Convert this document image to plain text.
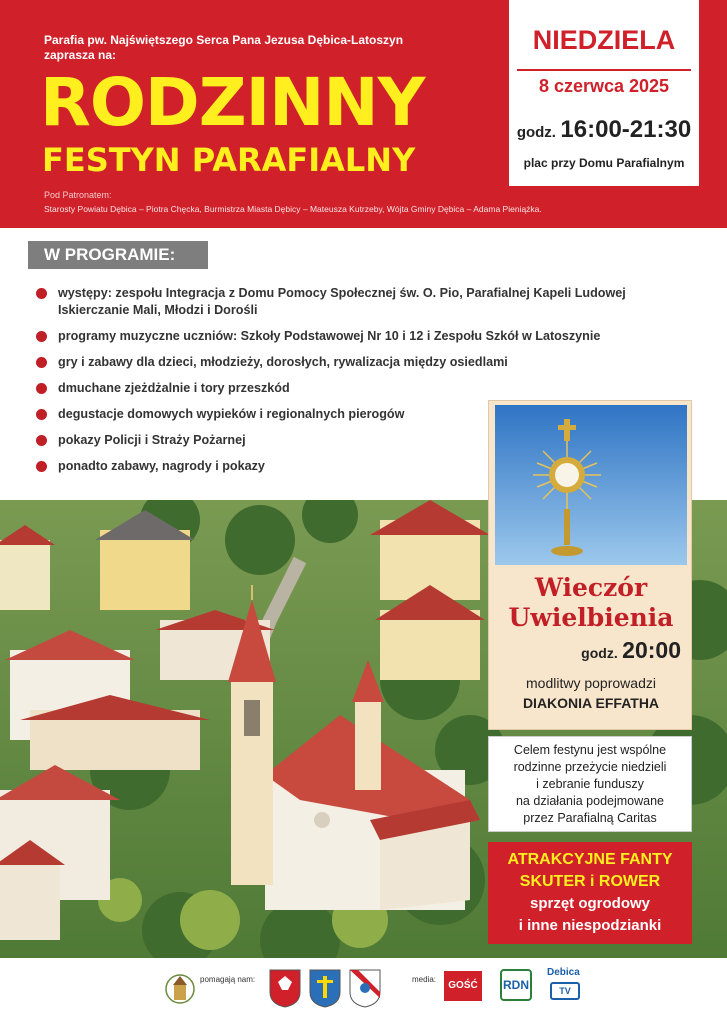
Parafia pw. Najświętszego Serca Pana Jezusa Dębica-Latoszyn
zaprasza na:
RODZINNY
FESTYN PARAFIALNY
Pod Patronatem:
Starosty Powiatu Dębica – Piotra Chęcka, Burmistrza Miasta Dębicy – Mateusza Kutrzeby, Wójta Gminy Dębica – Adama Pieniążka.
NIEDZIELA
8 czerwca 2025
godz. 16:00-21:30
plac przy Domu Parafialnym
W PROGRAMIE:
występy: zespołu Integracja z Domu Pomocy Społecznej św. O. Pio, Parafialnej Kapeli Ludowej Iskierczanie Mali, Młodzi i Dorośli
programy muzyczne uczniów: Szkoły Podstawowej Nr 10 i 12 i Zespołu Szkół w Latoszynie
gry i zabawy dla dzieci, młodzieży, dorosłych, rywalizacja między osiedlami
dmuchane zjeżdżalnie i tory przeszkód
degustacje domowych wypieków i regionalnych pierogów
pokazy Policji i Straży Pożarnej
ponadto zabawy, nagrody i pokazy
Wieczór
Uwielbienia
godz. 20:00
modlitwy poprowadzi
DIAKONIA EFFATHA
Celem festynu jest wspólne
rodzinne przeżycie niedzieli
i zebranie funduszy
na działania podejmowane
przez Parafialną Caritas
ATRAKCYJNE FANTY
SKUTER i ROWER
sprzęt ogrodowy
i inne niespodzianki
pomagają nam:	media:
GOŚĆ	RDN
Debica
TV
